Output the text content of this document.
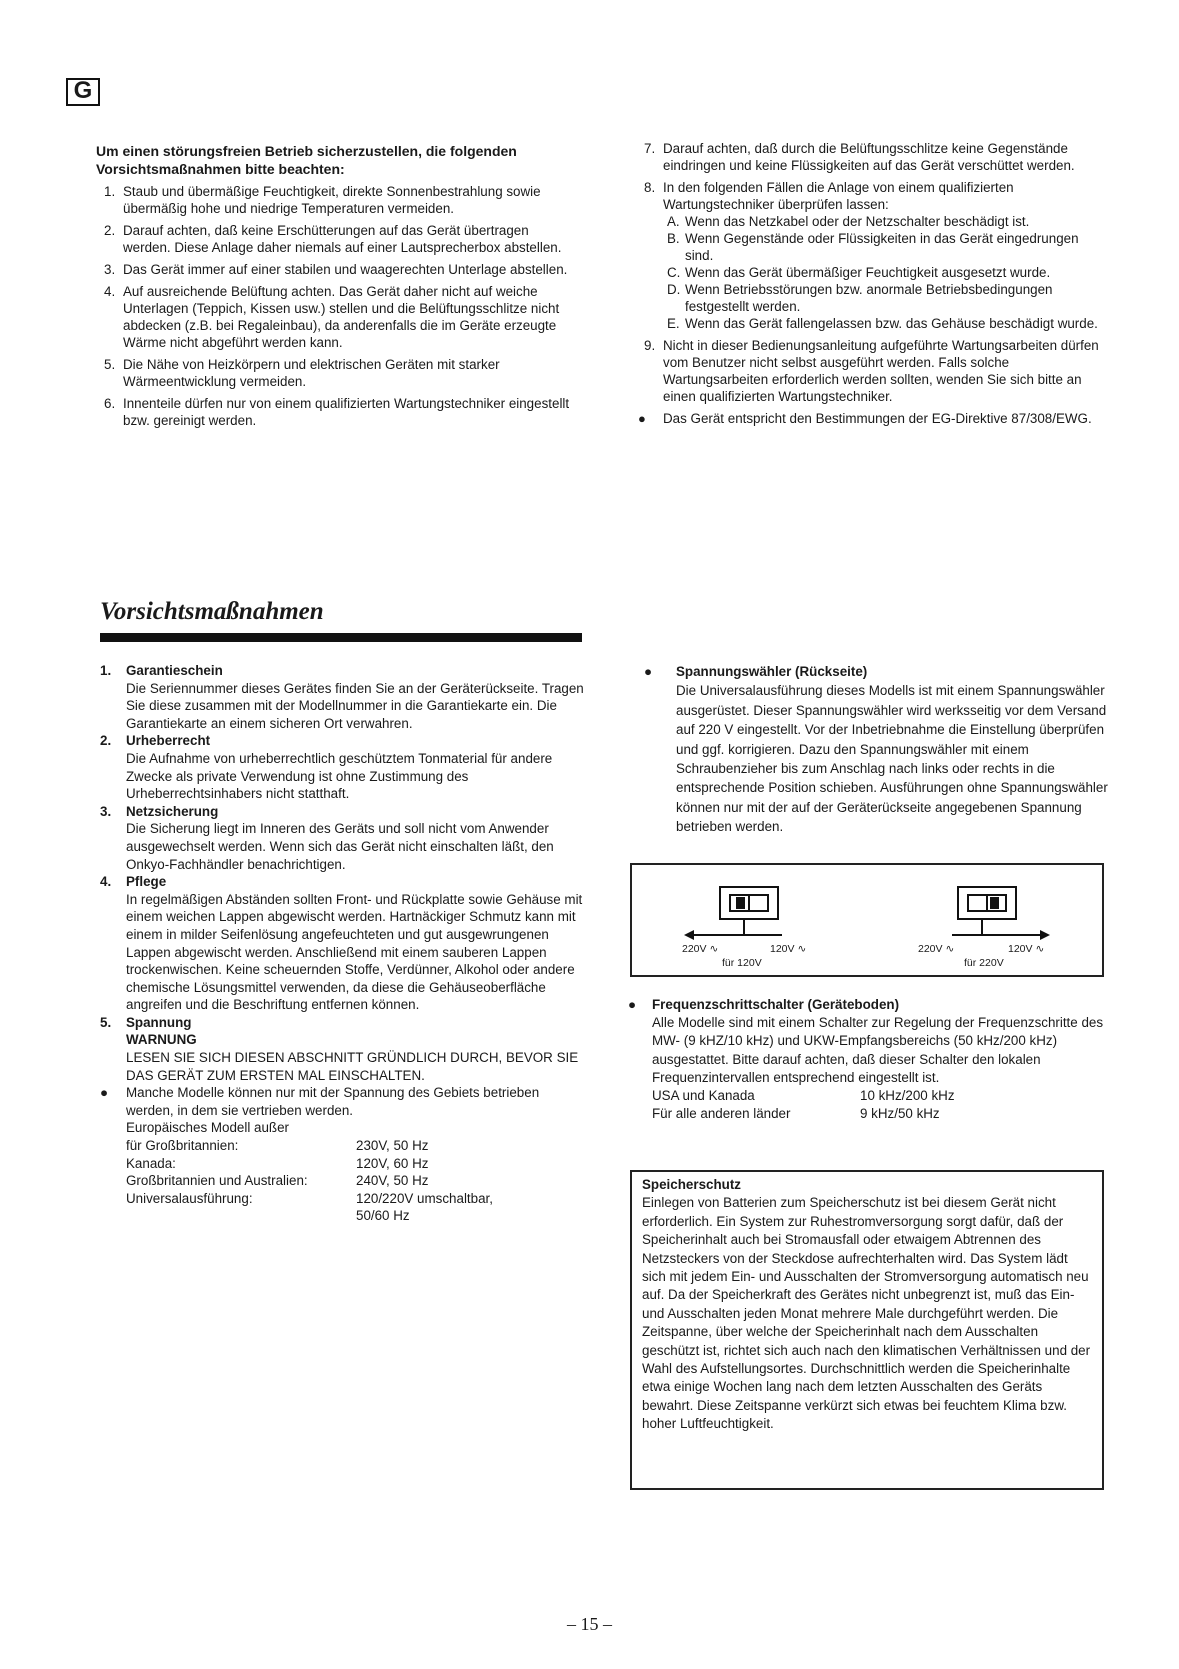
G
Um einen störungsfreien Betrieb sicherzustellen, die folgenden Vorsichtsmaßnahmen bitte beachten:
1. Staub und übermäßige Feuchtigkeit, direkte Sonnenbestrahlung sowie übermäßig hohe und niedrige Temperaturen vermeiden.
2. Darauf achten, daß keine Erschütterungen auf das Gerät übertragen werden. Diese Anlage daher niemals auf einer Lautsprecherbox abstellen.
3. Das Gerät immer auf einer stabilen und waagerechten Unterlage abstellen.
4. Auf ausreichende Belüftung achten. Das Gerät daher nicht auf weiche Unterlagen (Teppich, Kissen usw.) stellen und die Belüftungsschlitze nicht abdecken (z.B. bei Regaleinbau), da anderenfalls die im Geräte erzeugte Wärme nicht abgeführt werden kann.
5. Die Nähe von Heizkörpern und elektrischen Geräten mit starker Wärmeentwicklung vermeiden.
6. Innenteile dürfen nur von einem qualifizierten Wartungstechniker eingestellt bzw. gereinigt werden.
7. Darauf achten, daß durch die Belüftungsschlitze keine Gegenstände eindringen und keine Flüssigkeiten auf das Gerät verschüttet werden.
8. In den folgenden Fällen die Anlage von einem qualifizierten Wartungstechniker überprüfen lassen:
A. Wenn das Netzkabel oder der Netzschalter beschädigt ist.
B. Wenn Gegenstände oder Flüssigkeiten in das Gerät eingedrungen sind.
C. Wenn das Gerät übermäßiger Feuchtigkeit ausgesetzt wurde.
D. Wenn Betriebsstörungen bzw. anormale Betriebsbedingungen festgestellt werden.
E. Wenn das Gerät fallengelassen bzw. das Gehäuse beschädigt wurde.
9. Nicht in dieser Bedienungsanleitung aufgeführte Wartungsarbeiten dürfen vom Benutzer nicht selbst ausgeführt werden. Falls solche Wartungsarbeiten erforderlich werden sollten, wenden Sie sich bitte an einen qualifizierten Wartungstechniker.
● Das Gerät entspricht den Bestimmungen der EG-Direktive 87/308/EWG.
Vorsichtsmaßnahmen
1. Garantieschein
Die Seriennummer dieses Gerätes finden Sie an der Geräterückseite. Tragen Sie diese zusammen mit der Modellnummer in die Garantiekarte ein. Die Garantiekarte an einem sicheren Ort verwahren.
2. Urheberrecht
Die Aufnahme von urheberrechtlich geschütztem Tonmaterial für andere Zwecke als private Verwendung ist ohne Zustimmung des Urheberrechtsinhabers nicht statthaft.
3. Netzsicherung
Die Sicherung liegt im Inneren des Geräts und soll nicht vom Anwender ausgewechselt werden. Wenn sich das Gerät nicht einschalten läßt, den Onkyo-Fachhändler benachrichtigen.
4. Pflege
In regelmäßigen Abständen sollten Front- und Rückplatte sowie Gehäuse mit einem weichen Lappen abgewischt werden. Hartnäckiger Schmutz kann mit einem in milder Seifenlösung angefeuchteten und gut ausgewrungenen Lappen abgewischt werden. Anschließend mit einem sauberen Lappen trockenwischen. Keine scheuernden Stoffe, Verdünner, Alkohol oder andere chemische Lösungsmittel verwenden, da diese die Gehäuseoberfläche angreifen und die Beschriftung entfernen können.
5. Spannung
WARNUNG
LESEN SIE SICH DIESEN ABSCHNITT GRÜNDLICH DURCH, BEVOR SIE DAS GERÄT ZUM ERSTEN MAL EINSCHALTEN.
● Manche Modelle können nur mit der Spannung des Gebiets betrieben werden, in dem sie vertrieben werden.
Europäisches Modell außer
für Großbritannien:	230V, 50 Hz
Kanada:	120V, 60 Hz
Großbritannien und Australien:	240V, 50 Hz
Universalausführung:	120/220V umschaltbar,
50/60 Hz
● Spannungswähler (Rückseite)
Die Universalausführung dieses Modells ist mit einem Spannungswähler ausgerüstet. Dieser Spannungswähler wird werksseitig vor dem Versand auf 220 V eingestellt. Vor der Inbetriebnahme die Einstellung überprüfen und ggf. korrigieren. Dazu den Spannungswähler mit einem Schraubenzieher bis zum Anschlag nach links oder rechts in die entsprechende Position schieben. Ausführungen ohne Spannungswähler können nur mit der auf der Geräterückseite angegebenen Spannung betrieben werden.
220V ∿	120V ∿
für 120V
220V ∿	120V ∿
für 220V
● Frequenzschrittschalter (Geräteboden)
Alle Modelle sind mit einem Schalter zur Regelung der Frequenzschritte des MW- (9 kHZ/10 kHz) und UKW-Empfangsbereichs (50 kHz/200 kHz) ausgestattet. Bitte darauf achten, daß dieser Schalter den lokalen Frequenzintervallen entsprechend eingestellt ist.
USA und Kanada	10 kHz/200 kHz
Für alle anderen länder	9 kHz/50 kHz
Speicherschutz
Einlegen von Batterien zum Speicherschutz ist bei diesem Gerät nicht erforderlich. Ein System zur Ruhestromversorgung sorgt dafür, daß der Speicherinhalt auch bei Stromausfall oder etwaigem Abtrennen des Netzsteckers von der Steckdose aufrechterhalten wird. Das System lädt sich mit jedem Ein- und Ausschalten der Stromversorgung automatisch neu auf. Da der Speicherkraft des Gerätes nicht unbegrenzt ist, muß das Ein- und Ausschalten jeden Monat mehrere Male durchgeführt werden. Die Zeitspanne, über welche der Speicherinhalt nach dem Ausschalten geschützt ist, richtet sich auch nach den klimatischen Verhältnissen und der Wahl des Aufstellungsortes. Durchschnittlich werden die Speicherinhalte etwa einige Wochen lang nach dem letzten Ausschalten des Geräts bewahrt. Diese Zeitspanne verkürzt sich etwas bei feuchtem Klima bzw. hoher Luftfeuchtigkeit.
– 15 –
